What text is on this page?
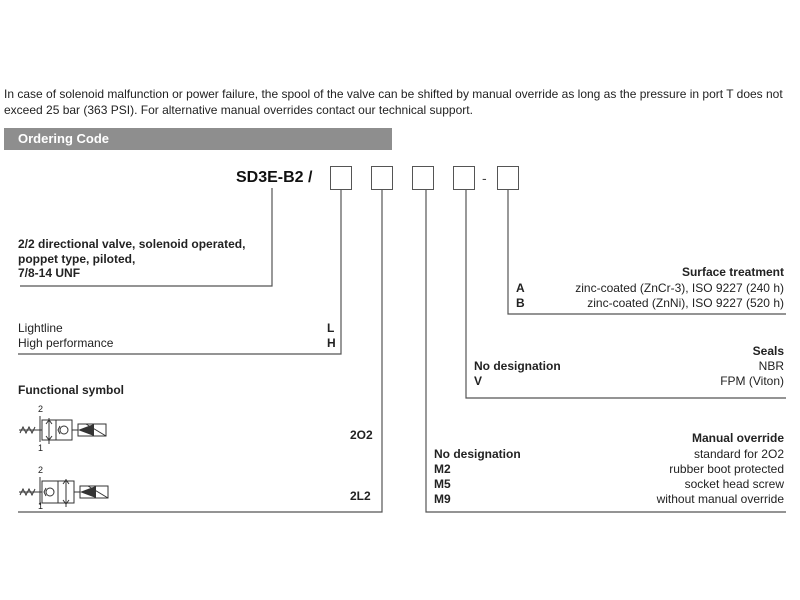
In case of solenoid malfunction or power failure, the spool of the valve can be shifted by manual override as long as the pressure in port T does not exceed 25 bar (363 PSI). For alternative manual overrides contact our technical support.
Ordering Code
SD3E-B2 /	-
2/2 directional valve, solenoid operated,
poppet type, piloted,
7/8-14 UNF
Lightline	L
High performance	H
Functional symbol
2O2
2L2
2
1
2
1
Surface treatment
A	zinc-coated (ZnCr-3), ISO 9227 (240 h)
B	zinc-coated (ZnNi), ISO 9227 (520 h)
Seals
No designation	NBR
V	FPM (Viton)
Manual override
No designation	standard for 2O2
M2	rubber boot protected
M5	socket head screw
M9	without manual override
